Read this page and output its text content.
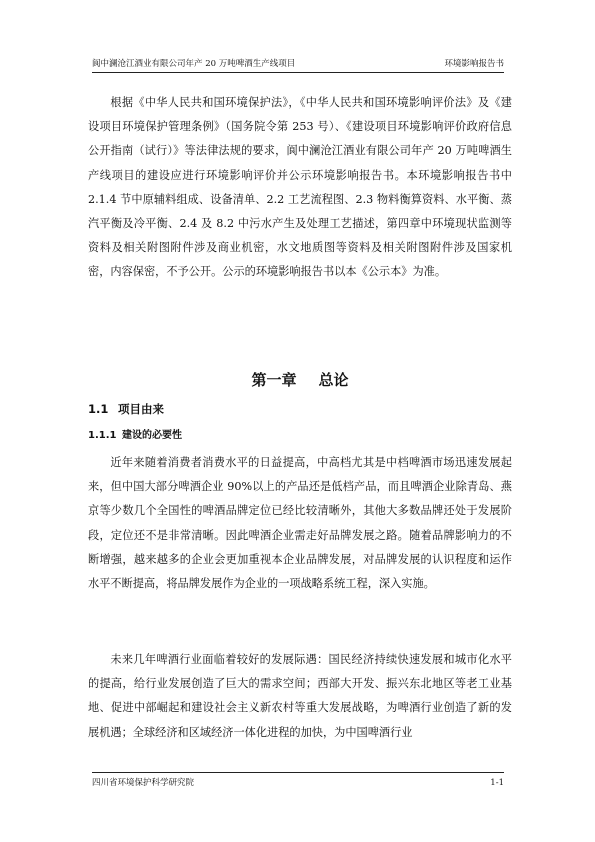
阆中澜沧江酒业有限公司年产 20 万吨啤酒生产线项目	环境影响报告书

根据《中华人民共和国环境保护法》，《中华人民共和国环境影响评价法》及《建设项目环境保护管理条例》（国务院令第 253 号）、《建设项目环境影响评价政府信息公开指南（试行）》等法律法规的要求，阆中澜沧江酒业有限公司年产 20 万吨啤酒生产线项目的建设应进行环境影响评价并公示环境影响报告书。本环境影响报告书中 2.1.4 节中原辅料组成、设备清单、2.2 工艺流程图、2.3 物料衡算资料、水平衡、蒸汽平衡及冷平衡、2.4 及 8.2 中污水产生及处理工艺描述，第四章中环境现状监测等资料及相关附图附件涉及商业机密，水文地质图等资料及相关附图附件涉及国家机密，内容保密，不予公开。公示的环境影响报告书以本《公示本》为准。

第一章 总论
1.1 项目由来
1.1.1 建设的必要性

近年来随着消费者消费水平的日益提高，中高档尤其是中档啤酒市场迅速发展起来，但中国大部分啤酒企业 90%以上的产品还是低档产品，而且啤酒企业除青岛、燕京等少数几个全国性的啤酒品牌定位已经比较清晰外，其他大多数品牌还处于发展阶段，定位还不是非常清晰。因此啤酒企业需走好品牌发展之路。随着品牌影响力的不断增强，越来越多的企业会更加重视本企业品牌发展，对品牌发展的认识程度和运作水平不断提高，将品牌发展作为企业的一项战略系统工程，深入实施。

未来几年啤酒行业面临着较好的发展际遇：国民经济持续快速发展和城市化水平的提高，给行业发展创造了巨大的需求空间；西部大开发、振兴东北地区等老工业基地、促进中部崛起和建设社会主义新农村等重大发展战略，为啤酒行业创造了新的发展机遇；全球经济和区域经济一体化进程的加快，为中国啤酒行业

四川省环境保护科学研究院	1-1
